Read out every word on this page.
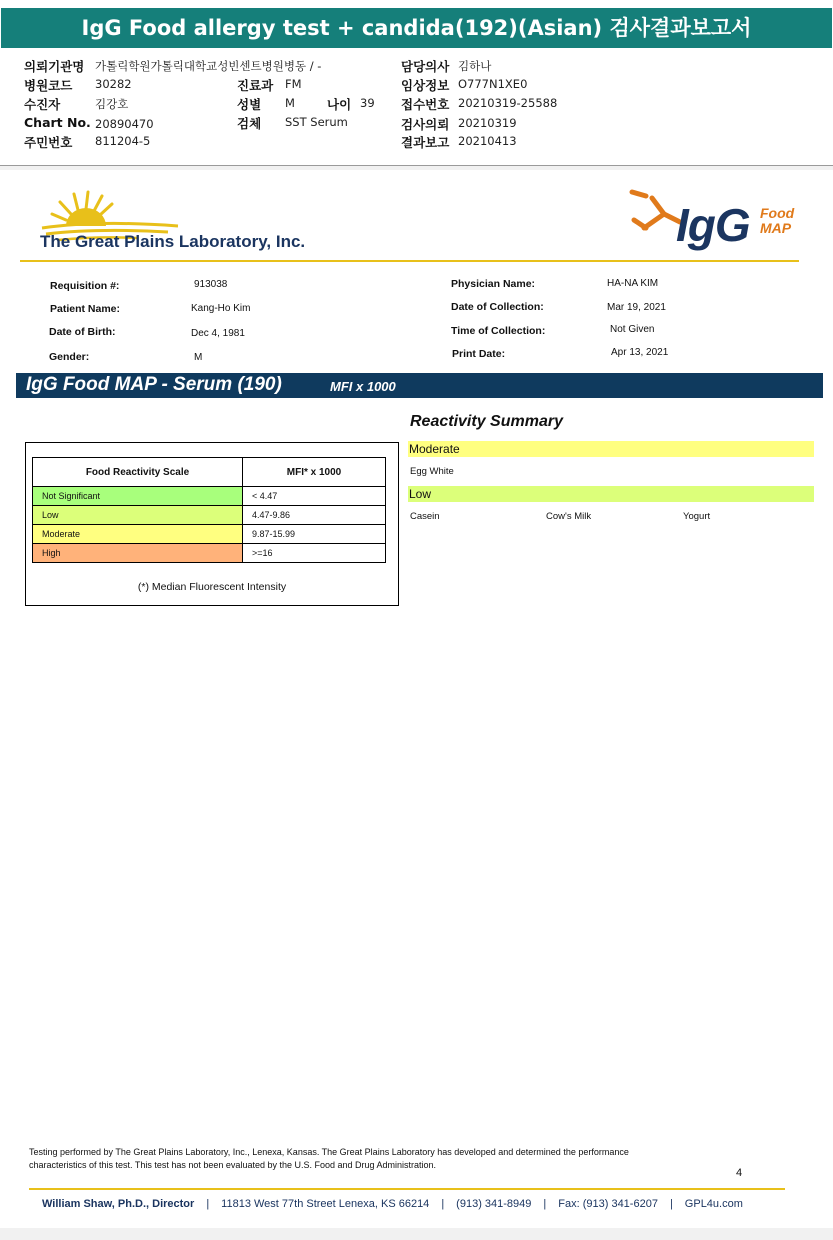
IgG Food allergy test + candida(192)(Asian) 검사결과보고서
의뢰기관명 가톨릭학원가톨릭대학교성빈센트병원병동 / -
병원코드 30282
수진자	김강호
Chart No. 20890470
주민번호 811204-5
진료과 FM
성별 M	나이 39
검체 SST Serum
담당의사 김하나
임상정보 O777N1XE0
접수번호 20210319-25588
검사의뢰 20210319
결과보고 20210413
The Great Plains Laboratory, Inc.	IgG Food
MAP
Requisition #:	913038
Patient Name:	Kang-Ho Kim
Date of Birth:	Dec 4, 1981
Gender:	M
Physician Name:	HA-NA KIM
Date of Collection:	Mar 19, 2021
Time of Collection:	Not Given
Print Date:	Apr 13, 2021
IgG Food MAP - Serum (190)	MFI x 1000
Food Reactivity Scale	MFI* x 1000
Not Significant	< 4.47
Low	4.47-9.86
Moderate	9.87-15.99
High	>=16
(*) Median Fluorescent Intensity
Reactivity Summary
Moderate
Egg White
Low
Casein	Cow's Milk	Yogurt
Testing performed by The Great Plains Laboratory, Inc., Lenexa, Kansas. The Great Plains Laboratory has developed and determined the performance
characteristics of this test. This test has not been evaluated by the U.S. Food and Drug Administration.
4
William Shaw, Ph.D., Director | 11813 West 77th Street Lenexa, KS 66214 | (913) 341-8949 | Fax: (913) 341-6207 | GPL4u.com
